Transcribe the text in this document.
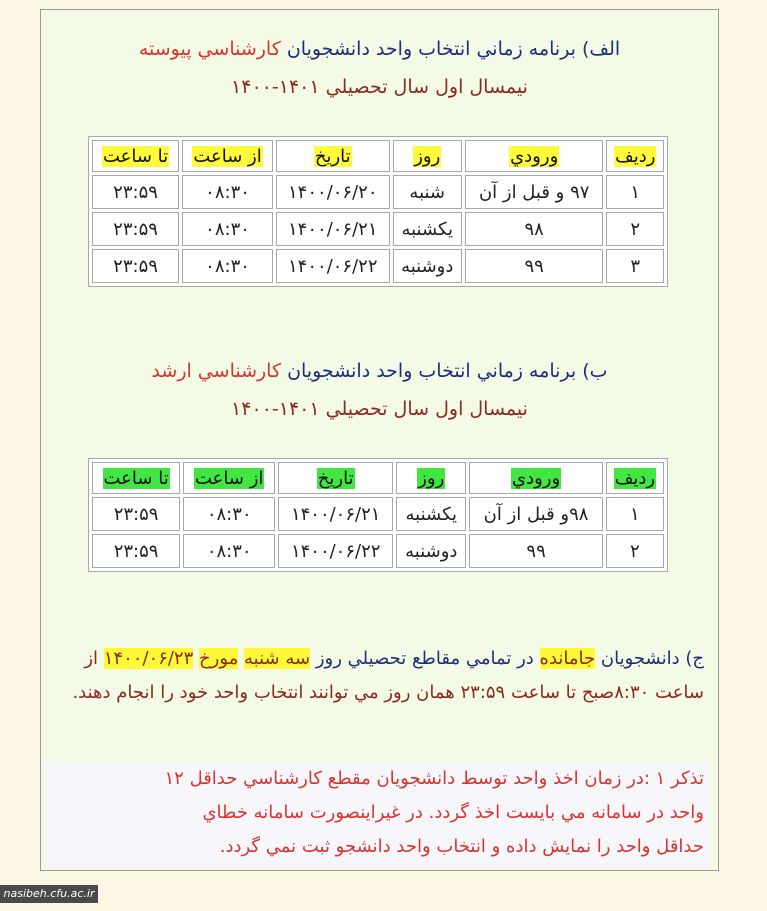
الف) برنامه زماني انتخاب واحد دانشجويان كارشناسي پيوسته
نيمسال اول سال تحصيلي ۱۴۰۱-۱۴۰۰
رديف	ورودي	روز	تاريخ	از ساعت	تا ساعت
۱	۹۷ و قبل از آن	شنبه	۱۴۰۰/۰۶/۲۰	۰۸:۳۰	۲۳:۵۹
۲	۹۸	يكشنبه	۱۴۰۰/۰۶/۲۱	۰۸:۳۰	۲۳:۵۹
۳	۹۹	دوشنبه	۱۴۰۰/۰۶/۲۲	۰۸:۳۰	۲۳:۵۹
ب) برنامه زماني انتخاب واحد دانشجويان كارشناسي ارشد
نيمسال اول سال تحصيلي ۱۴۰۱-۱۴۰۰
رديف	ورودي	روز	تاريخ	از ساعت	تا ساعت
۱	۹۸و قبل از آن	يكشنبه	۱۴۰۰/۰۶/۲۱	۰۸:۳۰	۲۳:۵۹
۲	۹۹	دوشنبه	۱۴۰۰/۰۶/۲۲	۰۸:۳۰	۲۳:۵۹
ج) دانشجويان جامانده در تمامي مقاطع تحصيلي روز سه شنبه مورخ ۱۴۰۰/۰۶/۲۳ از ساعت ۸:۳۰صبح تا ساعت ۲۳:۵۹ همان روز مي توانند انتخاب واحد خود را انجام دهند.
تذكر ۱ :در زمان اخذ واحد توسط دانشجويان مقطع كارشناسي حداقل ۱۲
واحد در سامانه مي بايست اخذ گردد. در غيراينصورت سامانه خطاي
حداقل واحد را نمايش داده و انتخاب واحد دانشجو ثبت نمي گردد.
nasibeh.cfu.ac.ir
